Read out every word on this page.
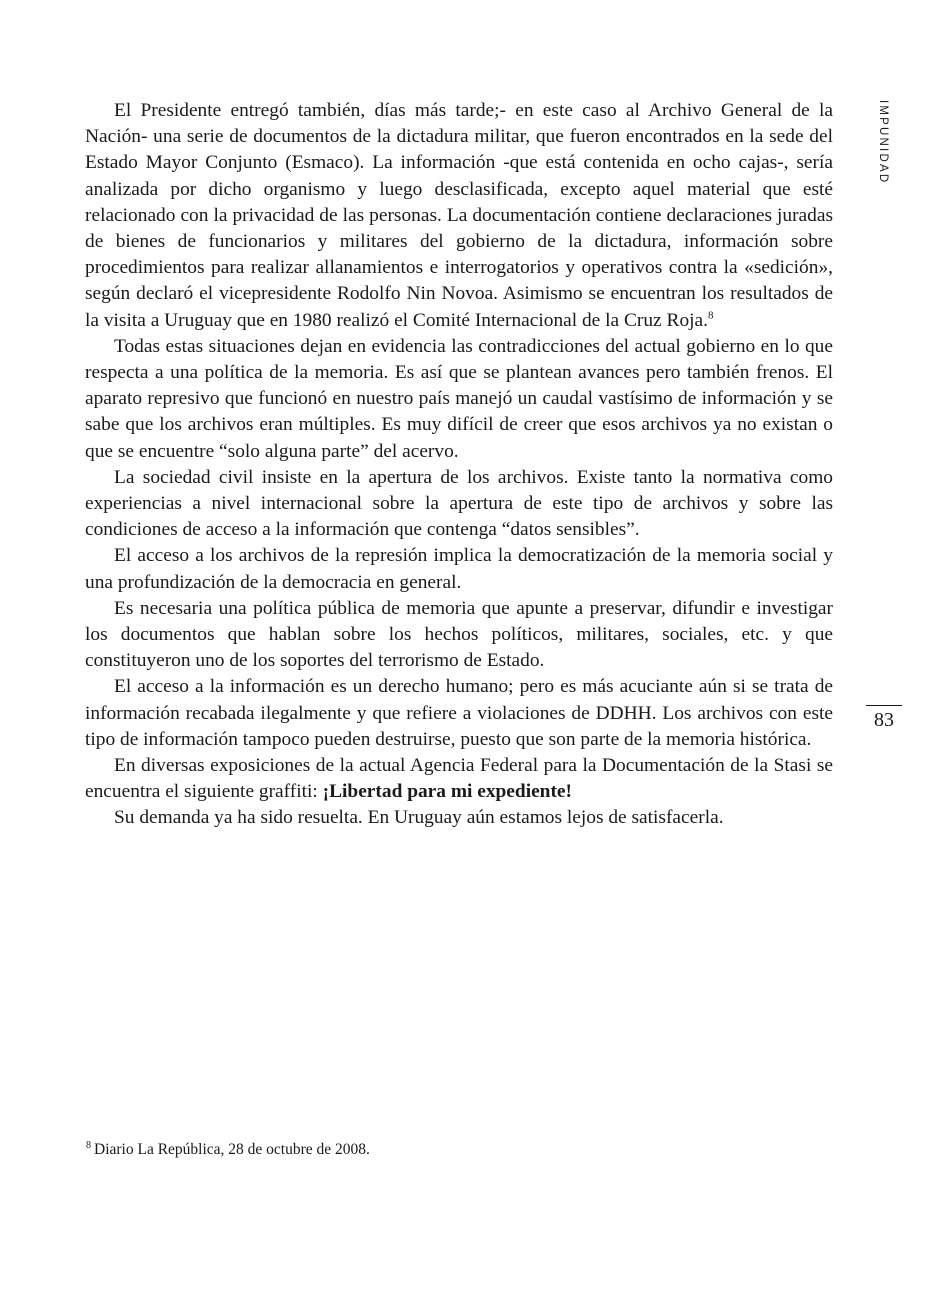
IMPUNIDAD
83

El Presidente entregó también, días más tarde;- en este caso al Archivo General de la Nación- una serie de documentos de la dictadura militar, que fueron encontrados en la sede del Estado Mayor Conjunto (Esmaco). La información -que está contenida en ocho cajas-, sería analizada por dicho organismo y luego desclasificada, excepto aquel material que esté relacionado con la privacidad de las personas. La documentación contiene declaraciones juradas de bienes de funcionarios y militares del gobierno de la dictadura, información sobre procedimientos para realizar allanamientos e interrogatorios y operativos contra la «sedición», según declaró el vicepresidente Rodolfo Nin Novoa. Asimismo se encuentran los resultados de la visita a Uruguay que en 1980 realizó el Comité Internacional de la Cruz Roja.$^8$

Todas estas situaciones dejan en evidencia las contradicciones del actual gobierno en lo que respecta a una política de la memoria. Es así que se plantean avances pero también frenos. El aparato represivo que funcionó en nuestro país manejó un caudal vastísimo de información y se sabe que los archivos eran múltiples. Es muy difícil de creer que esos archivos ya no existan o que se encuentre “solo alguna parte” del acervo.

La sociedad civil insiste en la apertura de los archivos. Existe tanto la normativa como experiencias a nivel internacional sobre la apertura de este tipo de archivos y sobre las condiciones de acceso a la información que contenga “datos sensibles”.

El acceso a los archivos de la represión implica la democratización de la memoria social y una profundización de la democracia en general.

Es necesaria una política pública de memoria que apunte a preservar, difundir e investigar los documentos que hablan sobre los hechos políticos, militares, sociales, etc. y que constituyeron uno de los soportes del terrorismo de Estado.

El acceso a la información es un derecho humano; pero es más acuciante aún si se trata de información recabada ilegalmente y que refiere a violaciones de DDHH. Los archivos con este tipo de información tampoco pueden destruirse, puesto que son parte de la memoria histórica.

En diversas exposiciones de la actual Agencia Federal para la Documentación de la Stasi se encuentra el siguiente graffiti: ¡Libertad para mi expediente!

Su demanda ya ha sido resuelta. En Uruguay aún estamos lejos de satisfacerla.

$^8$ Diario La República, 28 de octubre de 2008.
